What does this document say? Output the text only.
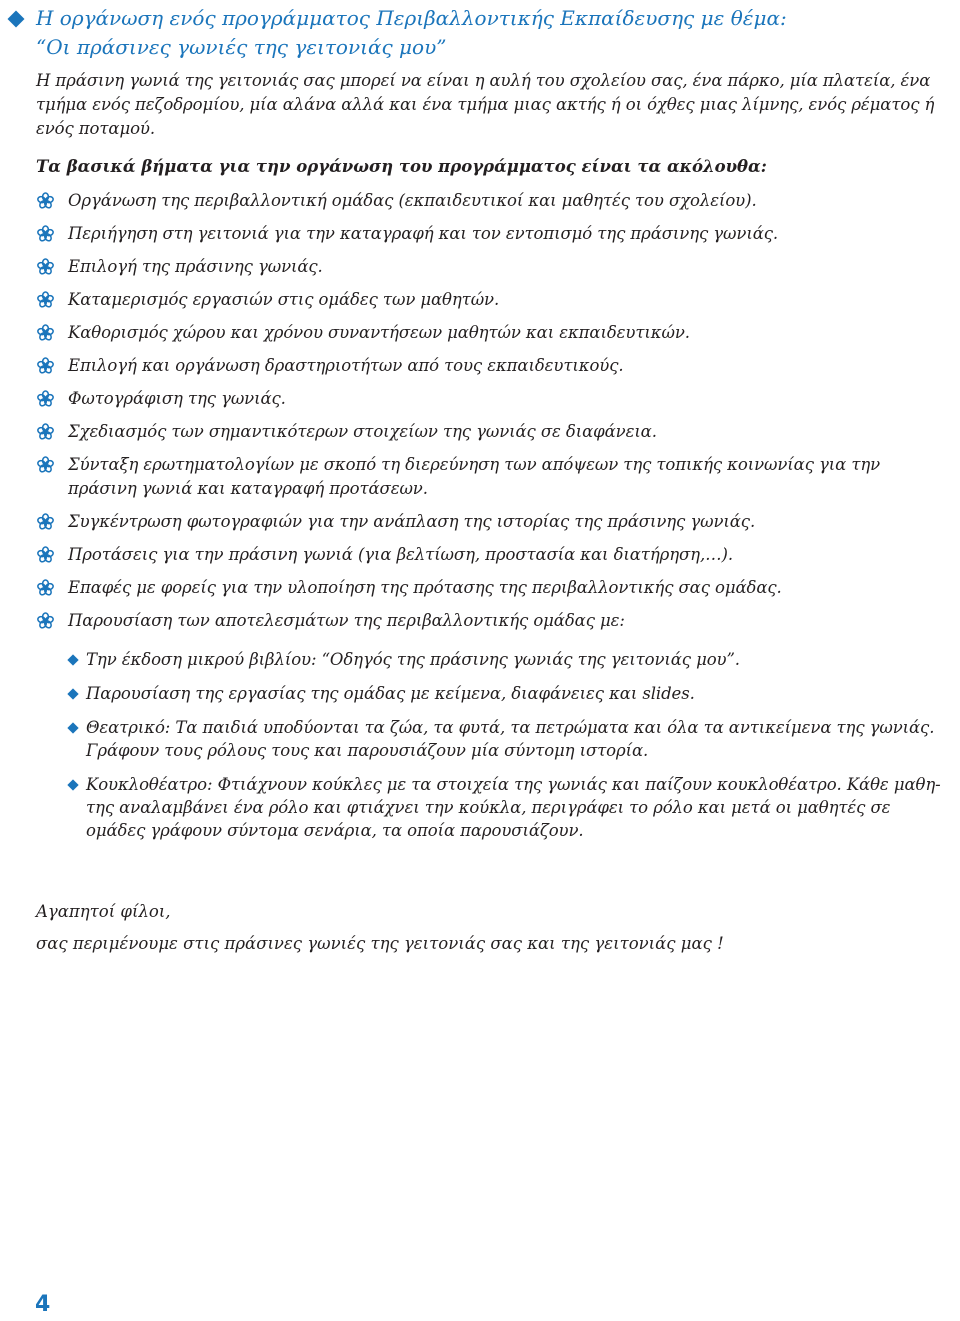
Η οργάνωση ενός προγράμματος Περιβαλλοντικής Εκπαίδευσης με θέμα:
“Οι πράσινες γωνιές της γειτονιάς μου”

Η πράσινη γωνιά της γειτονιάς σας μπορεί να είναι η αυλή του σχολείου σας, ένα πάρκο, μία πλατεία, ένα τμήμα ενός πεζοδρομίου, μία αλάνα αλλά και ένα τμήμα μιας ακτής ή οι όχθες μιας λίμνης, ενός ρέματος ή ενός ποταμού.

Τα βασικά βήματα για την οργάνωση του προγράμματος είναι τα ακόλουθα:
Οργάνωση της περιβαλλοντική ομάδας (εκπαιδευτικοί και μαθητές του σχολείου).
Περιήγηση στη γειτονιά για την καταγραφή και τον εντοπισμό της πράσινης γωνιάς.
Επιλογή της πράσινης γωνιάς.
Καταμερισμός εργασιών στις ομάδες των μαθητών.
Καθορισμός χώρου και χρόνου συναντήσεων μαθητών και εκπαιδευτικών.
Επιλογή και οργάνωση δραστηριοτήτων από τους εκπαιδευτικούς.
Φωτογράφιση της γωνιάς.
Σχεδιασμός των σημαντικότερων στοιχείων της γωνιάς σε διαφάνεια.
Σύνταξη ερωτηματολογίων με σκοπό τη διερεύνηση των απόψεων της τοπικής κοινωνίας για την πράσινη γωνιά και καταγραφή προτάσεων.
Συγκέντρωση φωτογραφιών για την ανάπλαση της ιστορίας της πράσινης γωνιάς.
Προτάσεις για την πράσινη γωνιά (για βελτίωση, προστασία και διατήρηση,…).
Επαφές με φορείς για την υλοποίηση της πρότασης της περιβαλλοντικής σας ομάδας.
Παρουσίαση των αποτελεσμάτων της περιβαλλοντικής ομάδας με:
Την έκδοση μικρού βιβλίου: “Οδηγός της πράσινης γωνιάς της γειτονιάς μου”.
Παρουσίαση της εργασίας της ομάδας με κείμενα, διαφάνειες και slides.
Θεατρικό: Τα παιδιά υποδύονται τα ζώα, τα φυτά, τα πετρώματα και όλα τα αντικείμενα της γωνιάς. Γράφουν τους ρόλους τους και παρουσιάζουν μία σύντομη ιστορία.
Κουκλοθέατρο: Φτιάχνουν κούκλες με τα στοιχεία της γωνιάς και παίζουν κουκλοθέατρο. Κάθε μαθη-της αναλαμβάνει ένα ρόλο και φτιάχνει την κούκλα, περιγράφει το ρόλο και μετά οι μαθητές σε ομάδες γράφουν σύντομα σενάρια, τα οποία παρουσιάζουν.
Αγαπητοί φίλοι,
σας περιμένουμε στις πράσινες γωνιές της γειτονιάς σας και της γειτονιάς μας !
4
